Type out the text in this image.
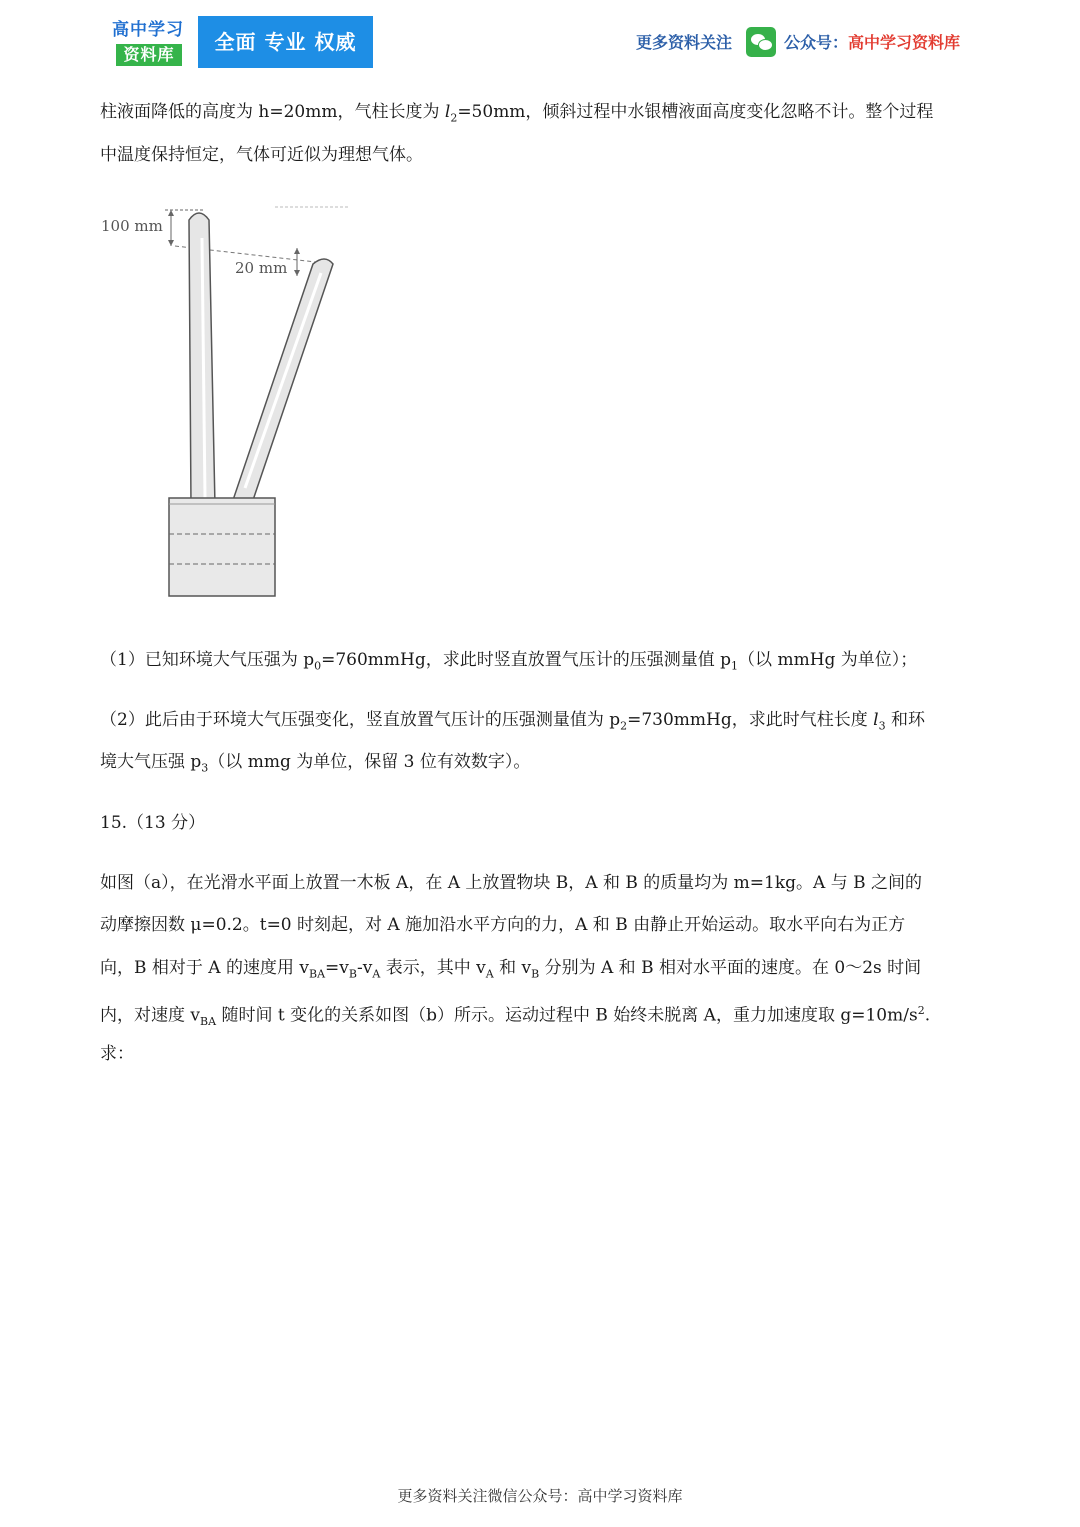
高中学习
资料库
全面 专业 权威	更多资料关注	公众号：高中学习资料库
柱液面降低的高度为 h=20mm，气柱长度为 $l_2=50mm$，倾斜过程中水银槽液面高度变化忽略不计。整个过程
中温度保持恒定，气体可近似为理想气体。
100 mm
20 mm
（1）已知环境大气压强为 $p_0=760mmHg$，求此时竖直放置气压计的压强测量值 $p_1$（以 mmHg 为单位）；
（2）此后由于环境大气压强变化，竖直放置气压计的压强测量值为 $p_2=730mmHg$，求此时气柱长度 $l_3$ 和环
境大气压强 $p_3$（以 mmg 为单位，保留 3 位有效数字）。
15.（13 分）
如图（a），在光滑水平面上放置一木板 A，在 A 上放置物块 B，A 和 B 的质量均为 m=1kg。A 与 B 之间的
动摩擦因数 μ=0.2。t=0 时刻起，对 A 施加沿水平方向的力，A 和 B 由静止开始运动。取水平向右为正方
向，B 相对于 A 的速度用 $v_{BA}=v_B-v_A$ 表示，其中 $v_A$ 和 $v_B$ 分别为 A 和 B 相对水平面的速度。在 0～2s 时间
内，对速度 $v_{BA}$ 随时间 t 变化的关系如图（b）所示。运动过程中 B 始终未脱离 A，重力加速度取 $g=10m/s^2$.
求：
更多资料关注微信公众号：高中学习资料库
